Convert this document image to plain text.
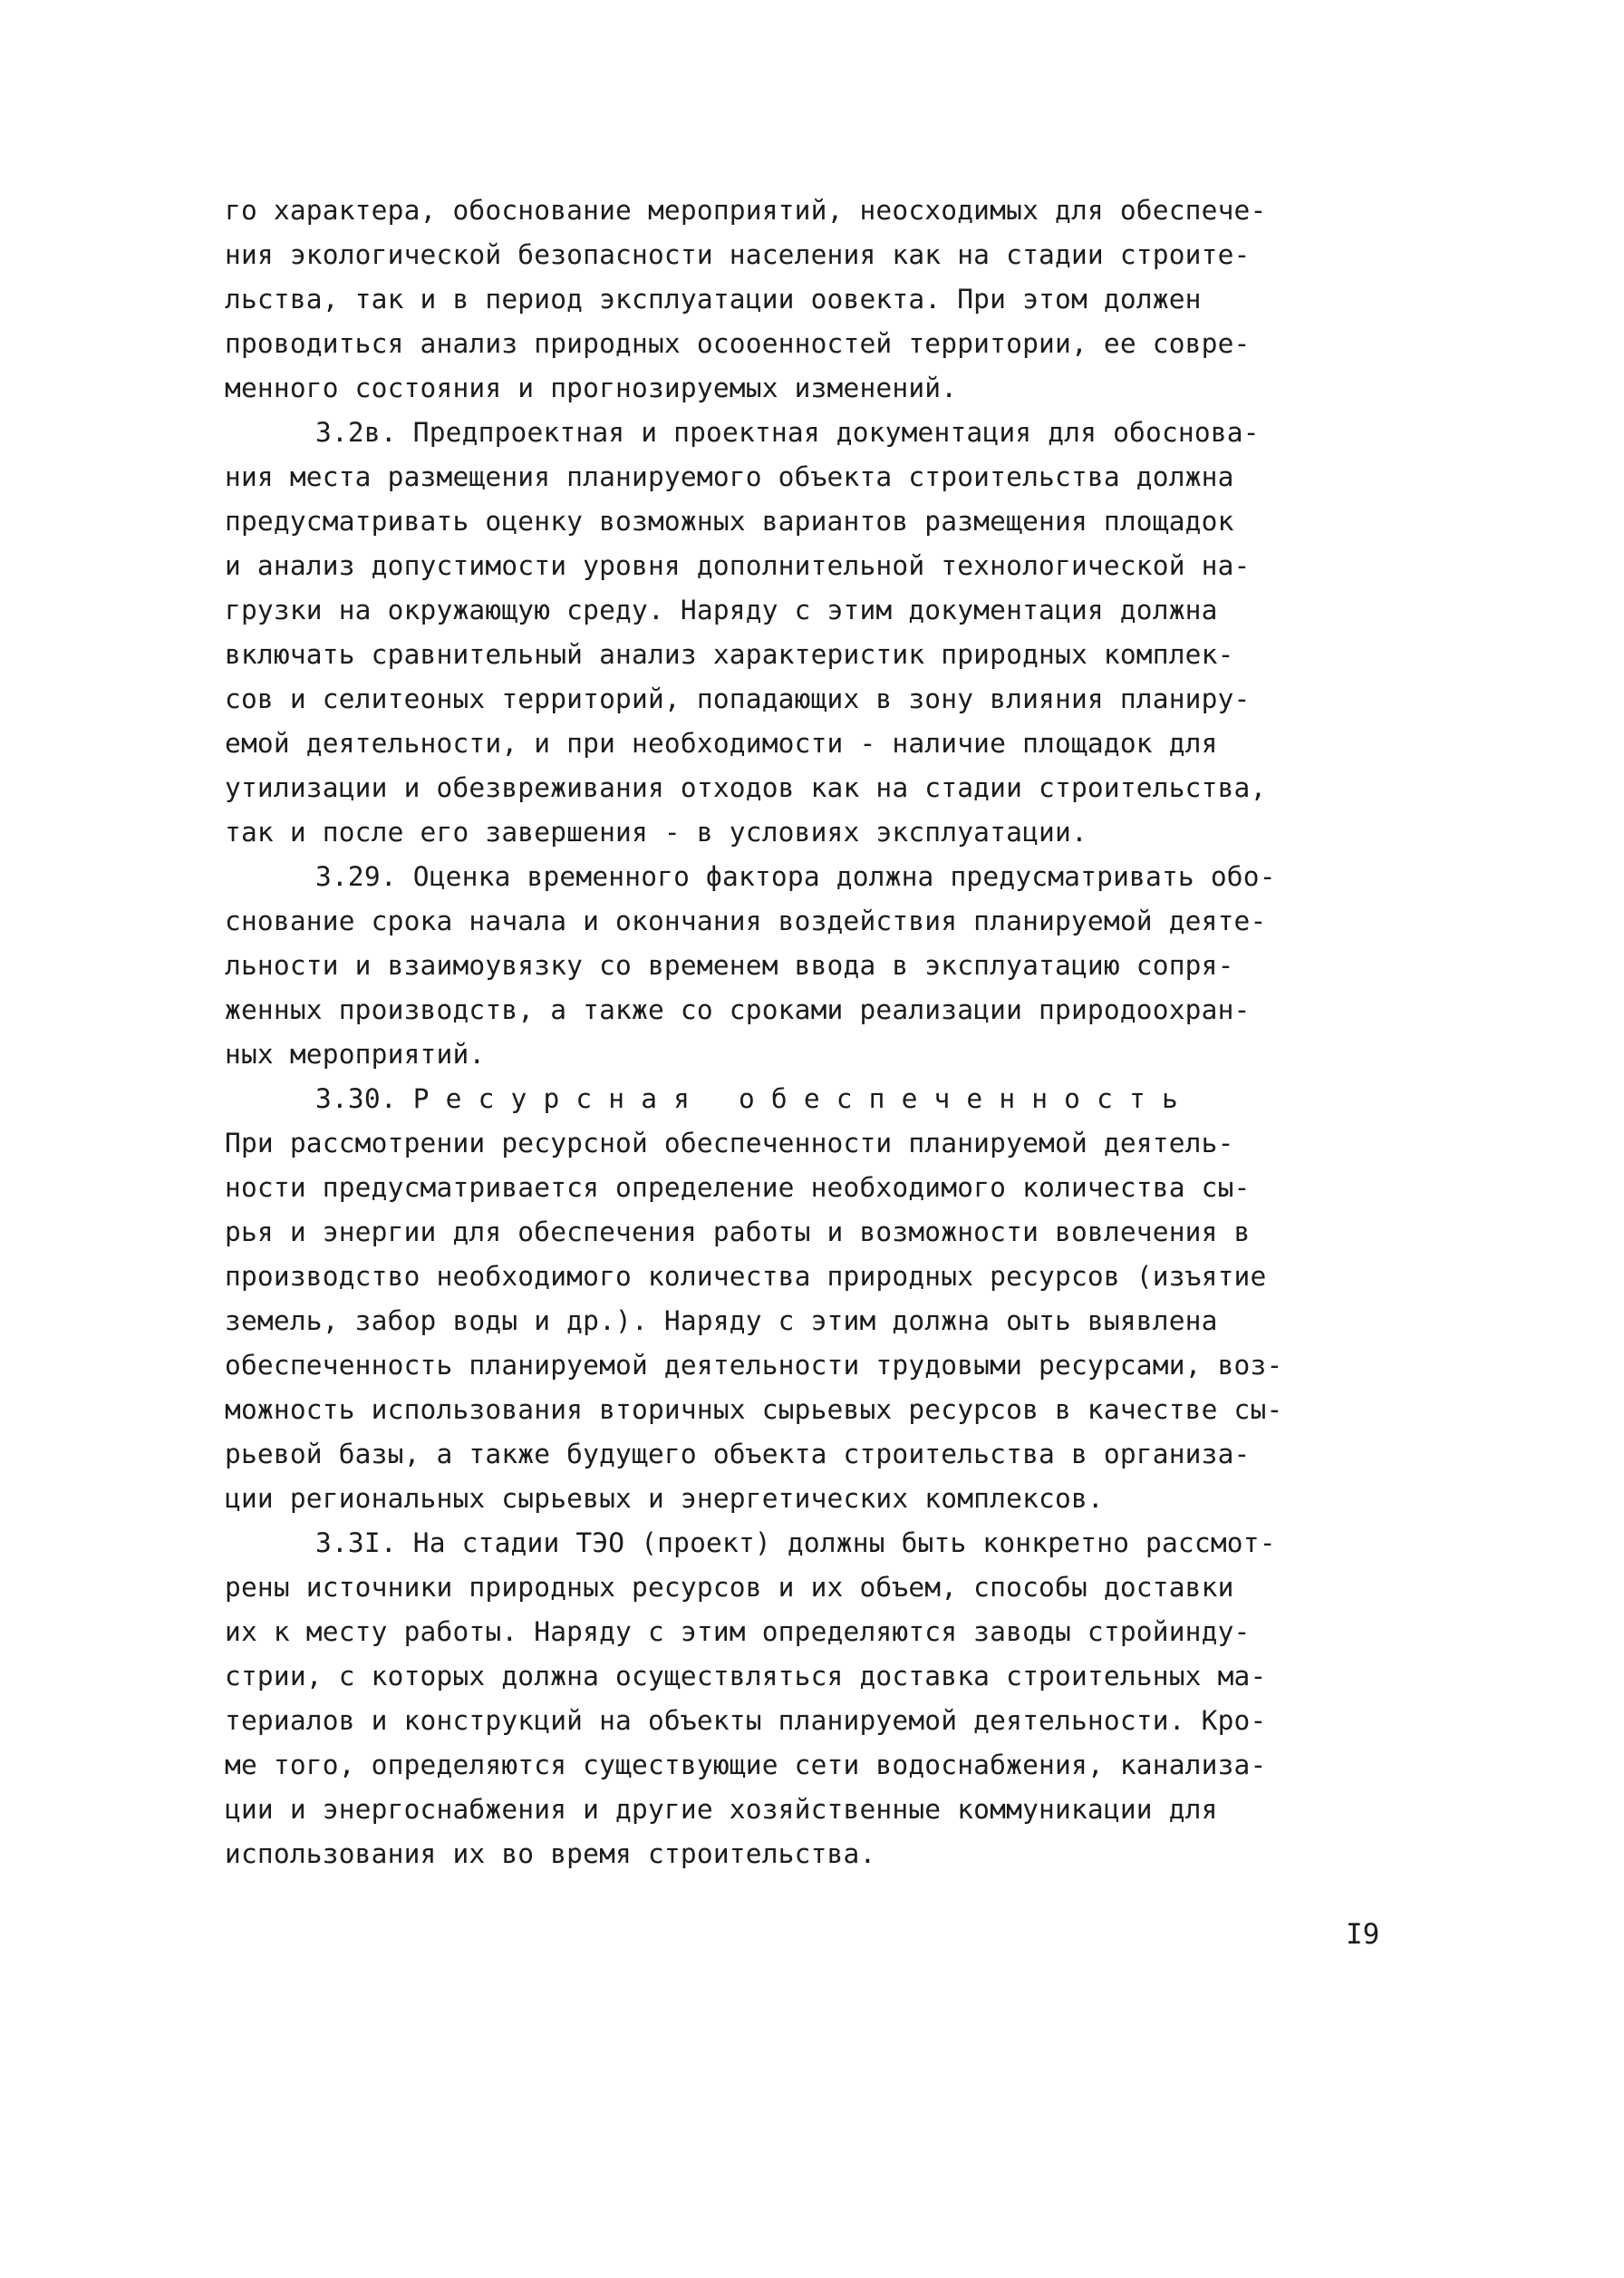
го характера, обоснование мероприятий, неосходимых для обеспече-
ния экологической безопасности населения как на стадии строите-
льства, так и в период эксплуатации оовекта. При этом должен
проводиться анализ природных осооенностей территории, ее совре-
менного состояния и прогнозируемых изменений.
3.2в. Предпроектная и проектная документация для обоснова-
ния места размещения планируемого объекта строительства должна
предусматривать оценку возможных вариантов размещения площадок
и анализ допустимости уровня дополнительной технологической на-
грузки на окружающую среду. Наряду с этим документация должна
включать сравнительный анализ характеристик природных комплек-
сов и селитеоных территорий, попадающих в зону влияния планиру-
емой деятельности, и при необходимости - наличие площадок для
утилизации и обезвреживания отходов как на стадии строительства,
так и после его завершения - в условиях эксплуатации.
3.29. Оценка временного фактора должна предусматривать обо-
снование срока начала и окончания воздействия планируемой деяте-
льности и взаимоувязку со временем ввода в эксплуатацию сопря-
женных производств, а также со сроками реализации природоохран-
ных мероприятий.
3.30. Р е с у р с н а я   о б е с п е ч е н н о с т ь
При рассмотрении ресурсной обеспеченности планируемой деятель-
ности предусматривается определение необходимого количества сы-
рья и энергии для обеспечения работы и возможности вовлечения в
производство необходимого количества природных ресурсов (изъятие
земель, забор воды и др.). Наряду с этим должна оыть выявлена
обеспеченность планируемой деятельности трудовыми ресурсами, воз-
можность использования вторичных сырьевых ресурсов в качестве сы-
рьевой базы, а также будущего объекта строительства в организа-
ции региональных сырьевых и энергетических комплексов.
3.3I. На стадии ТЭО (проект) должны быть конкретно рассмот-
рены источники природных ресурсов и их объем, способы доставки
их к месту работы. Наряду с этим определяются заводы стройинду-
стрии, с которых должна осуществляться доставка строительных ма-
териалов и конструкций на объекты планируемой деятельности. Кро-
ме того, определяются существующие сети водоснабжения, канализа-
ции и энергоснабжения и другие хозяйственные коммуникации для
использования их во время строительства.
I9
